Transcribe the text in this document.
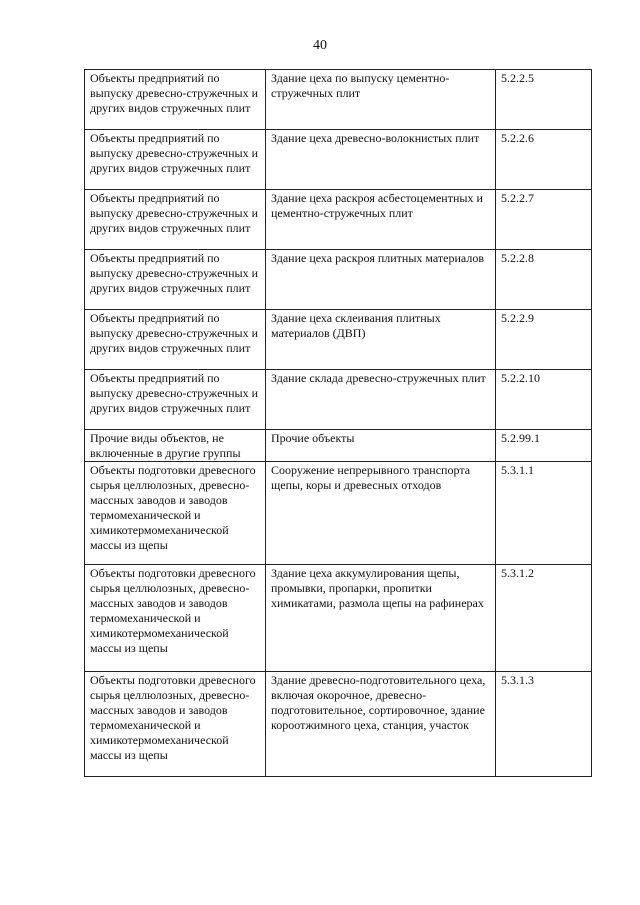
40
Объекты предприятий по выпуску древесно-стружечных и других видов стружечных плит	Здание цеха по выпуску цементно-стружечных плит	5.2.2.5
Объекты предприятий по выпуску древесно-стружечных и других видов стружечных плит	Здание цеха древесно-волокнистых плит	5.2.2.6
Объекты предприятий по выпуску древесно-стружечных и других видов стружечных плит	Здание цеха раскроя асбестоцементных и цементно-стружечных плит	5.2.2.7
Объекты предприятий по выпуску древесно-стружечных и других видов стружечных плит	Здание цеха раскроя плитных материалов	5.2.2.8
Объекты предприятий по выпуску древесно-стружечных и других видов стружечных плит	Здание цеха склеивания плитных материалов (ДВП)	5.2.2.9
Объекты предприятий по выпуску древесно-стружечных и других видов стружечных плит	Здание склада древесно-стружечных плит	5.2.2.10
Прочие виды объектов, не включенные в другие группы	Прочие объекты	5.2.99.1
Объекты подготовки древесного сырья целлюлозных, древесно-массных заводов и заводов термомеханической и химикотермомеханической массы из щепы	Сооружение непрерывного транспорта щепы, коры и древесных отходов	5.3.1.1
Объекты подготовки древесного сырья целлюлозных, древесно-массных заводов и заводов термомеханической и химикотермомеханической массы из щепы	Здание цеха аккумулирования щепы, промывки, пропарки, пропитки химикатами, размола щепы на рафинерах	5.3.1.2
Объекты подготовки древесного сырья целлюлозных, древесно-массных заводов и заводов термомеханической и химикотермомеханической массы из щепы	Здание древесно-подготовительного цеха, включая окорочное, древесно-подготовительное, сортировочное, здание короотжимного цеха, станция, участок	5.3.1.3
